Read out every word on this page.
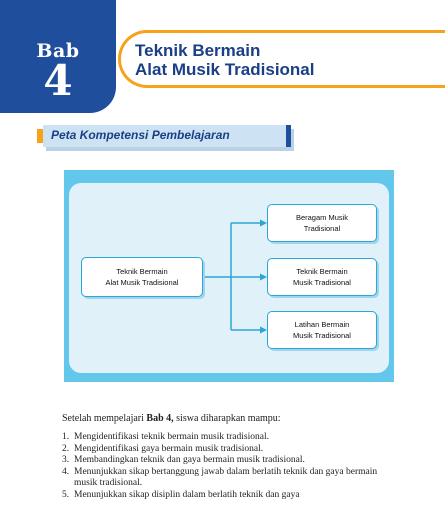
Bab
4
Teknik Bermain
Alat Musik Tradisional
Peta Kompetensi Pembelajaran
Teknik Bermain
Alat Musik Tradisional
Beragam Musik
Tradisional
Teknik Bermain
Musik Tradisional
Latihan Bermain
Musik Tradisional
Setelah mempelajari Bab 4, siswa diharapkan mampu:
1. Mengidentifikasi teknik bermain musik tradisional.
2. Mengidentifikasi gaya bermain musik tradisional.
3. Membandingkan teknik dan gaya bermain musik tradisional.
4. Menunjukkan sikap bertanggung jawab dalam berlatih teknik dan gaya bermain musik tradisional.
5. Menunjukkan sikap disiplin dalam berlatih teknik dan gaya
